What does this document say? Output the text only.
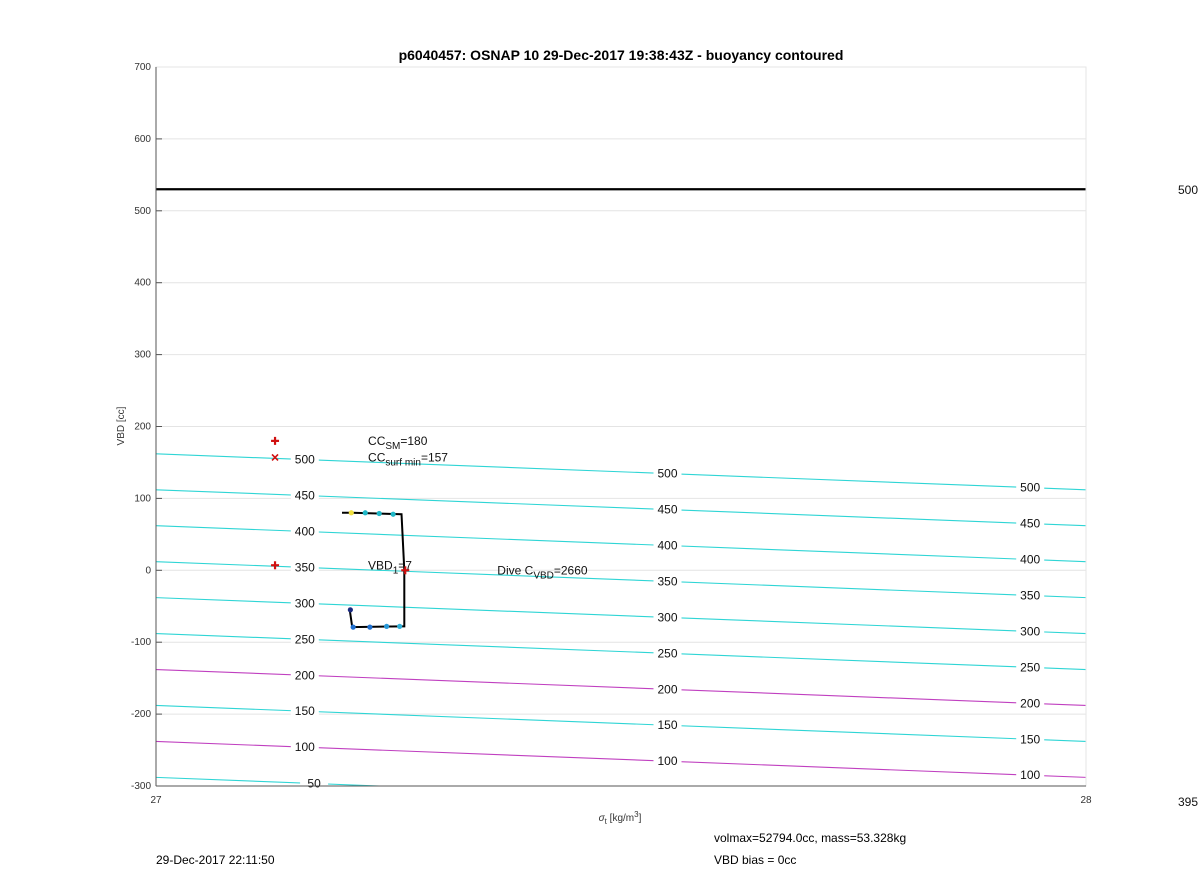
500
500
500
450
450
450
400
400
400
350
350
350
300
300
300
250
250
250
200
200
200
150
150
150
100
100
100
50
700
600
500
400
300
200
100
0
-100
-200
-300
27	28
$CC_{SM}=180$
$CC_{surf min}=157$
$VBD_1=7$	Dive $C_{VBD}=2660$
p6040457: OSNAP 10 29-Dec-2017 19:38:43Z - buoyancy contoured
VBD [cc]
$\sigma_t$ $[kg/m^3]$
500
395
29-Dec-2017 22:11:50
volmax=52794.0cc, mass=53.328kg
VBD bias = 0cc
